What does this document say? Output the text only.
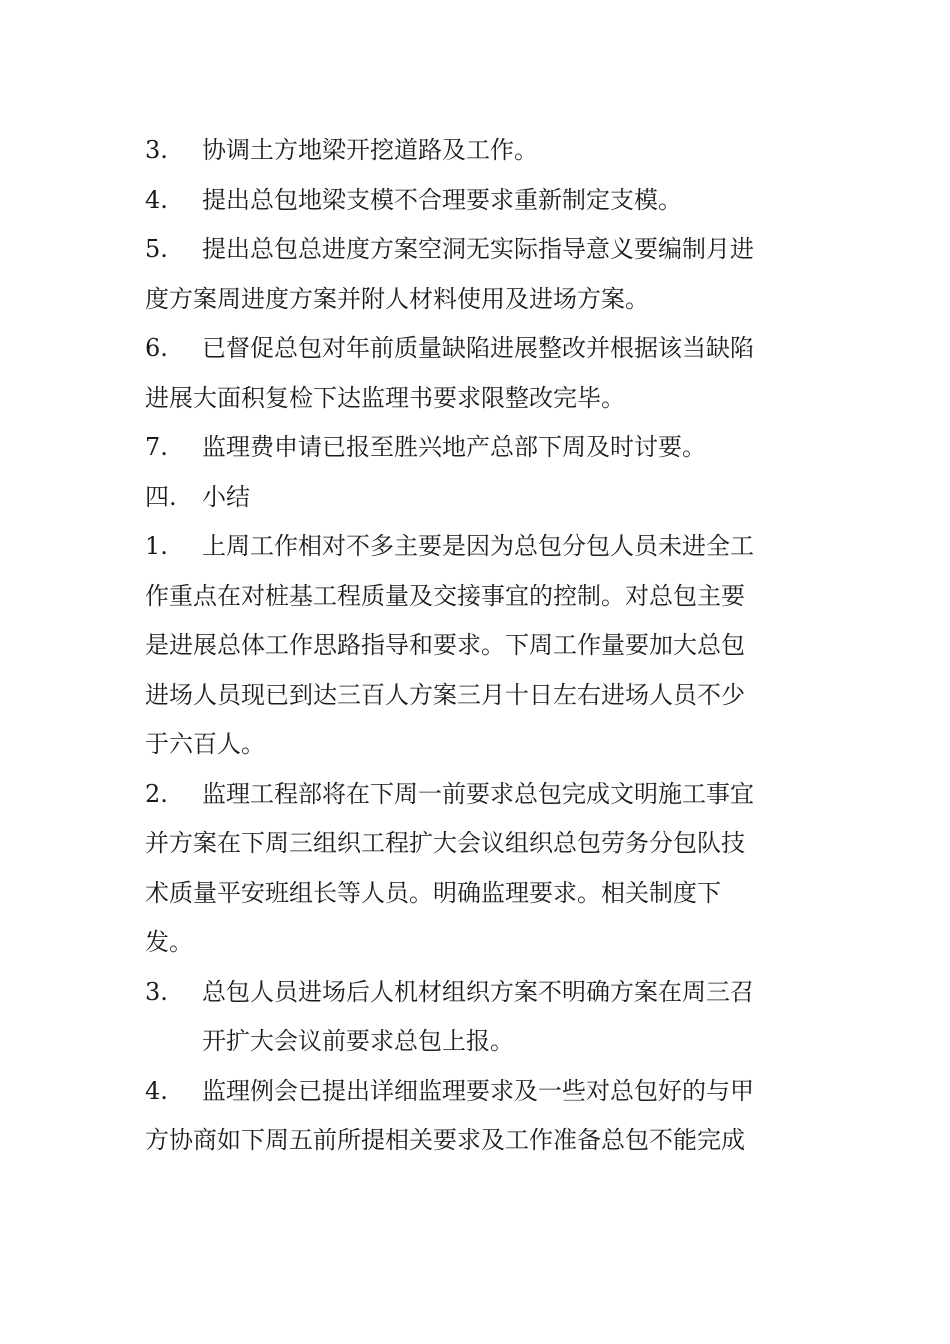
3. 协调土方地梁开挖道路及工作。
4. 提出总包地梁支模不合理要求重新制定支模。
5. 提出总包总进度方案空洞无实际指导意义要编制月进
度方案周进度方案并附人材料使用及进场方案。
6. 已督促总包对年前质量缺陷进展整改并根据该当缺陷
进展大面积复检下达监理书要求限整改完毕。
7. 监理费申请已报至胜兴地产总部下周及时讨要。
四. 小结
1. 上周工作相对不多主要是因为总包分包人员未进全工
作重点在对桩基工程质量及交接事宜的控制。对总包主要
是进展总体工作思路指导和要求。下周工作量要加大总包
进场人员现已到达三百人方案三月十日左右进场人员不少
于六百人。
2. 监理工程部将在下周一前要求总包完成文明施工事宜
并方案在下周三组织工程扩大会议组织总包劳务分包队技
术质量平安班组长等人员。明确监理要求。相关制度下
发。
3. 总包人员进场后人机材组织方案不明确方案在周三召
开扩大会议前要求总包上报。
4. 监理例会已提出详细监理要求及一些对总包好的与甲
方协商如下周五前所提相关要求及工作准备总包不能完成
